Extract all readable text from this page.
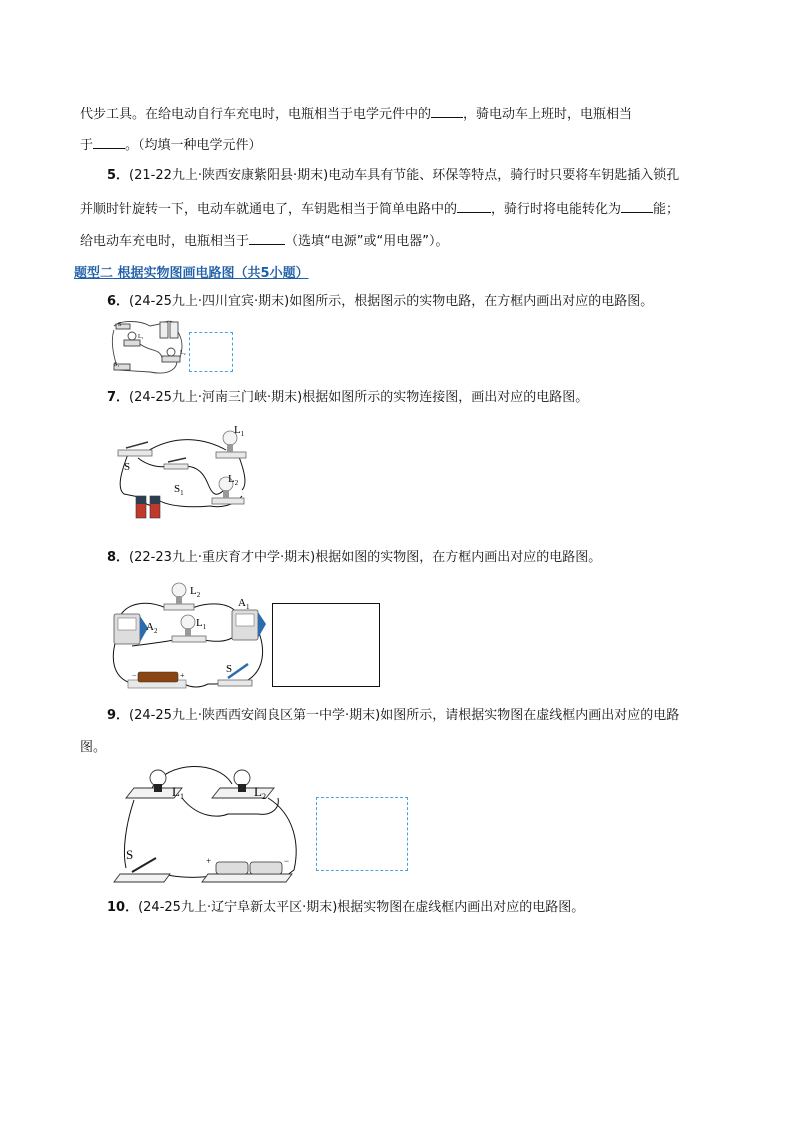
代步工具。在给电动自行车充电时，电瓶相当于电学元件中的 ，骑电动车上班时，电瓶相当
于 。（均填一种电学元件）
5．(21-22九上·陕西安康紫阳县·期末)电动车具有节能、环保等特点，骑行时只要将车钥匙插入锁孔
并顺时针旋转一下，电动车就通电了，车钥匙相当于简单电路中的	，骑行时将电能转化为 能；
给电动车充电时，电瓶相当于	（选填“电源”或“用电器”）。
题型二 根据实物图画电路图（共5小题）
6．(24-25九上·四川宜宾·期末)如图所示，根据图示的实物电路，在方框内画出对应的电路图。
S
L₁
L₂
S₁
7．(24-25九上·河南三门峡·期末)根据如图所示的实物连接图，画出对应的电路图。
$L_1$
$L_2$
S
$S_1$
8．(22-23九上·重庆育才中学·期末)根据如图的实物图，在方框内画出对应的电路图。
−	+
$L_2$
$L_1$
$A_1$
$A_2$
S
9．(24-25九上·陕西西安阎良区第一中学·期末)如图所示，请根据实物图在虚线框内画出对应的电路
图。
+	−
$L_1$	$L_2$
S
10．(24-25九上·辽宁阜新太平区·期末)根据实物图在虚线框内画出对应的电路图。
